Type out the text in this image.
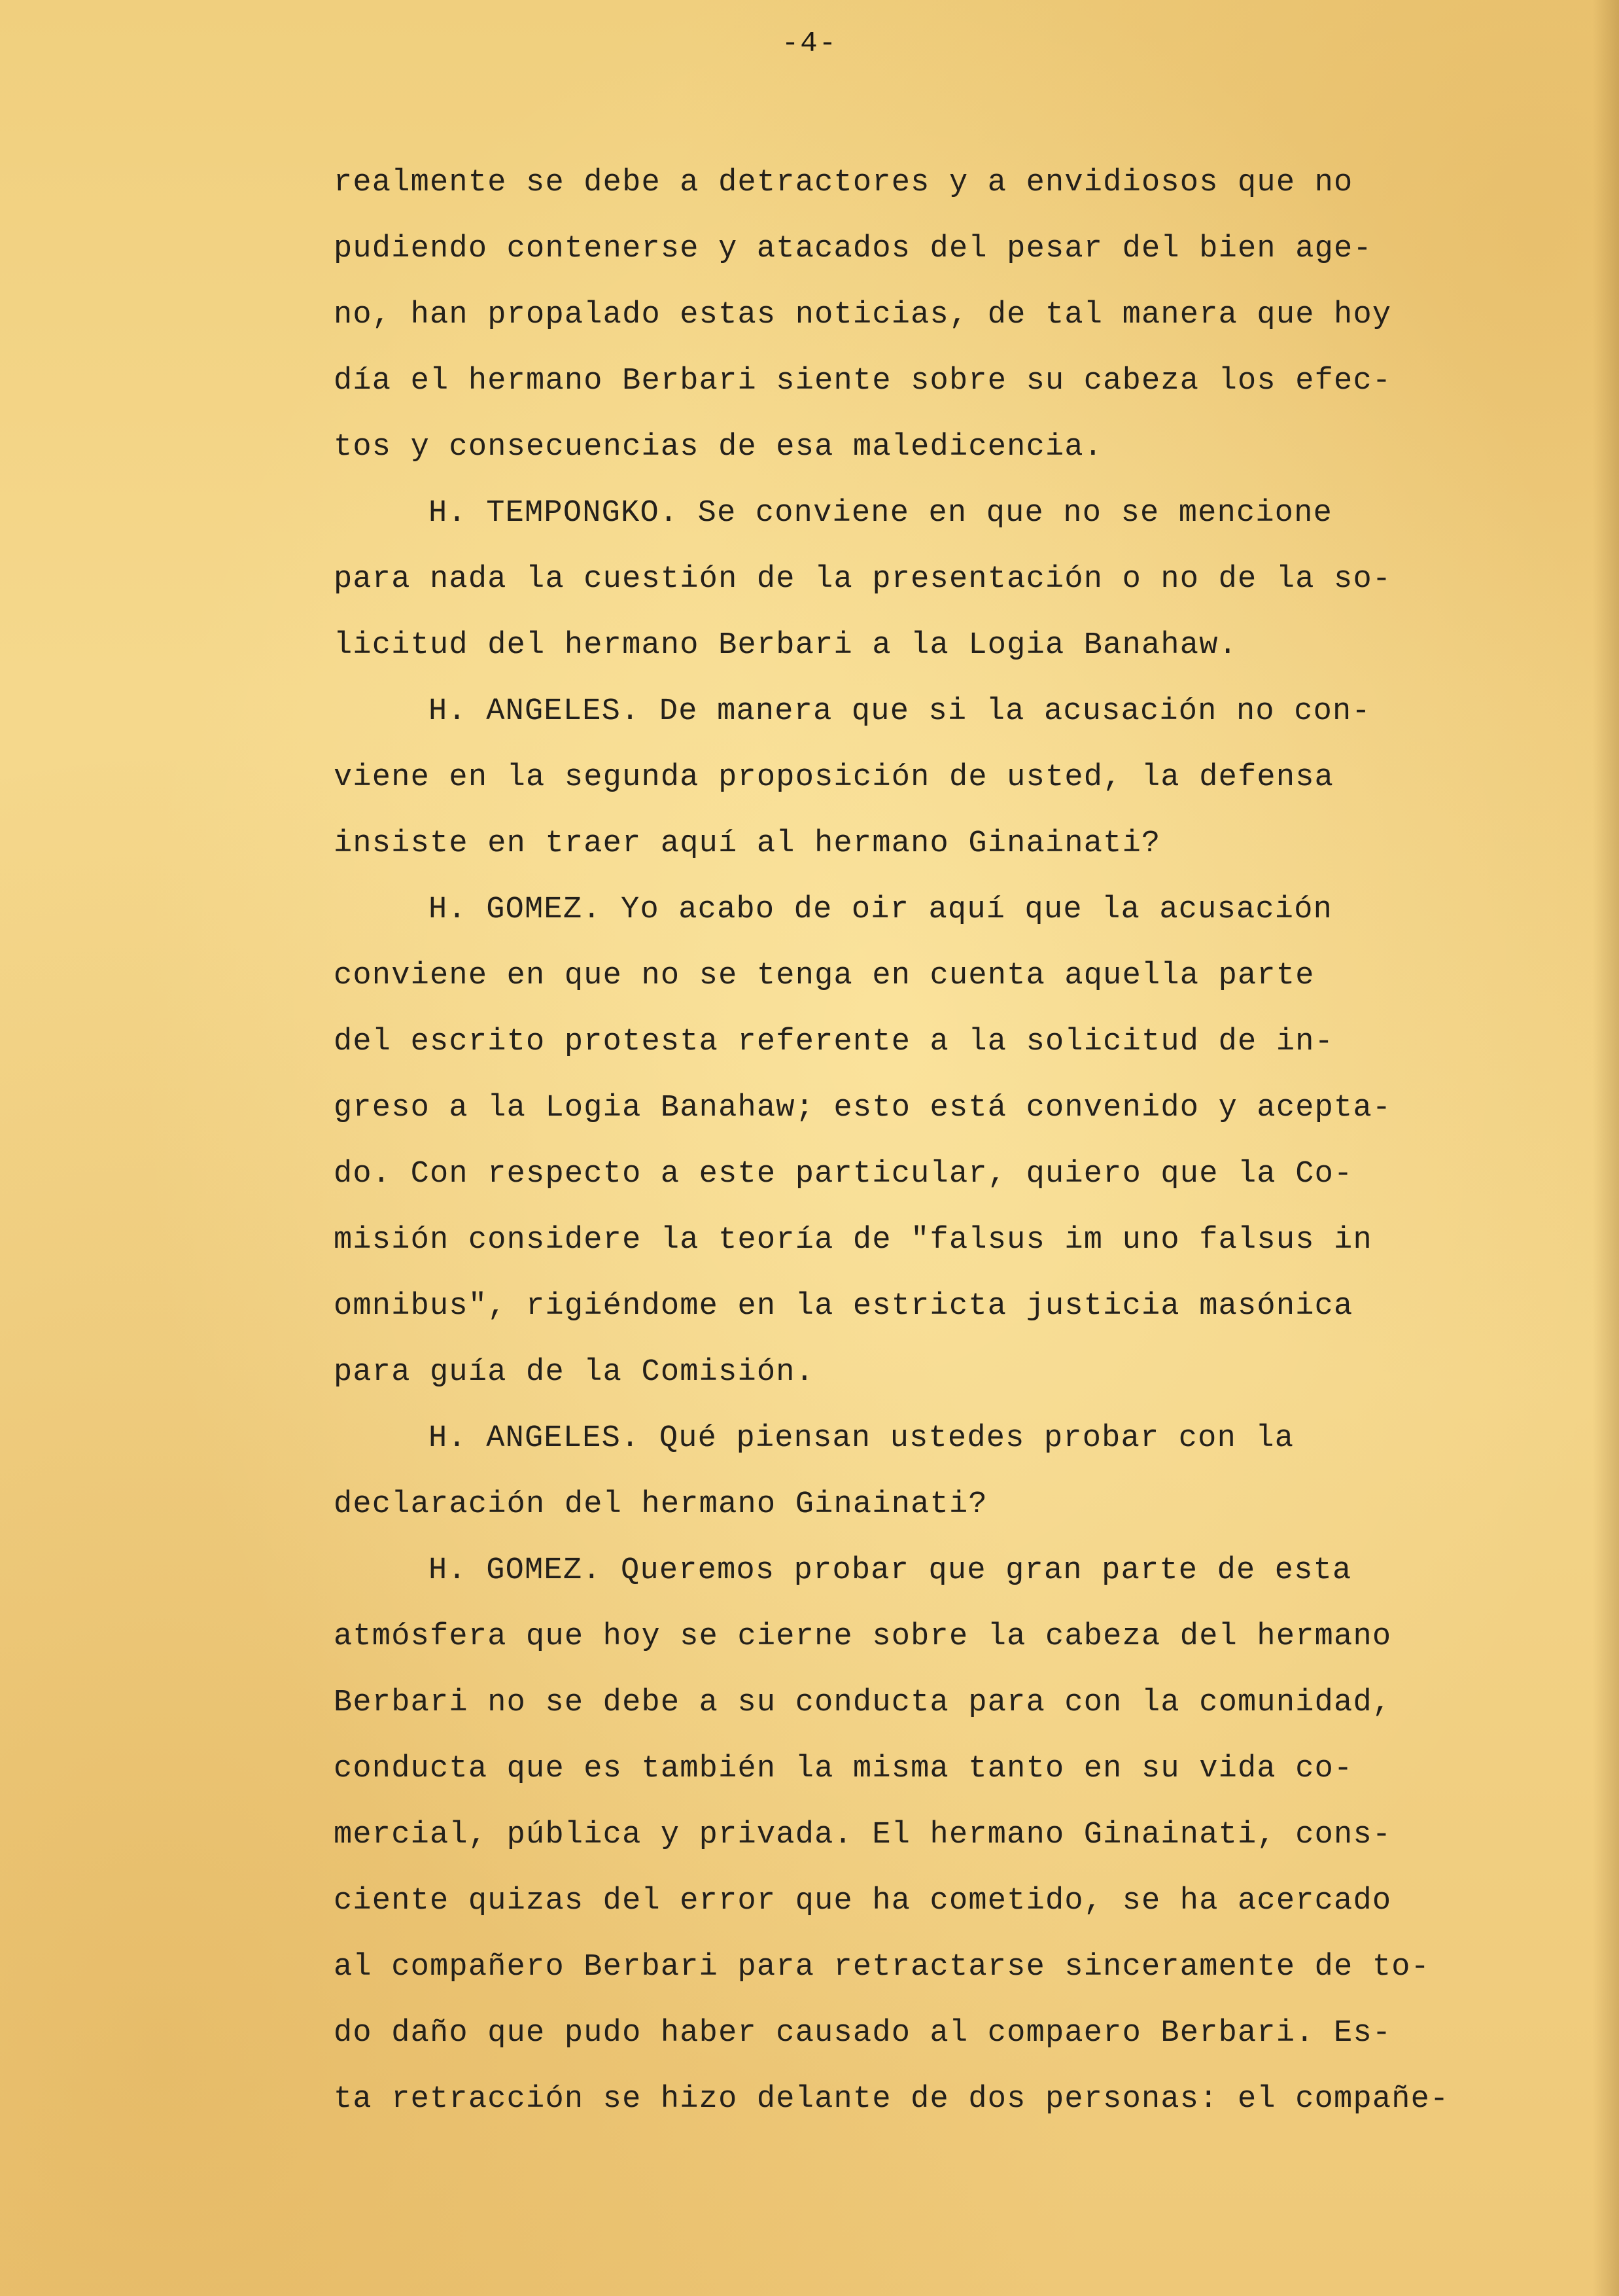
-4-
realmente se debe a detractores y a envidiosos que no
pudiendo contenerse y atacados del pesar del bien age-
no, han propalado estas noticias, de tal manera que hoy
día el hermano Berbari siente sobre su cabeza los efec-
tos y consecuencias de esa maledicencia.
H. TEMPONGKO. Se conviene en que no se mencione
para nada la cuestión de la presentación o no de la so-
licitud del hermano Berbari a la Logia Banahaw.
H. ANGELES. De manera que si la acusación no con-
viene en la segunda proposición de usted, la defensa
insiste en traer aquí al hermano Ginainati?
H. GOMEZ. Yo acabo de oir aquí que la acusación
conviene en que no se tenga en cuenta aquella parte
del escrito protesta referente a la solicitud de in-
greso a la Logia Banahaw; esto está convenido y acepta-
do. Con respecto a este particular, quiero que la Co-
misión considere la teoría de "falsus im uno falsus in
omnibus", rigiéndome en la estricta justicia masónica
para guía de la Comisión.
H. ANGELES. Qué piensan ustedes probar con la
declaración del hermano Ginainati?
H. GOMEZ. Queremos probar que gran parte de esta
atmósfera que hoy se cierne sobre la cabeza del hermano
Berbari no se debe a su conducta para con la comunidad,
conducta que es también la misma tanto en su vida co-
mercial, pública y privada. El hermano Ginainati, cons-
ciente quizas del error que ha cometido, se ha acercado
al compañero Berbari para retractarse sinceramente de to-
do daño que pudo haber causado al compaero Berbari. Es-
ta retracción se hizo delante de dos personas: el compañe-
